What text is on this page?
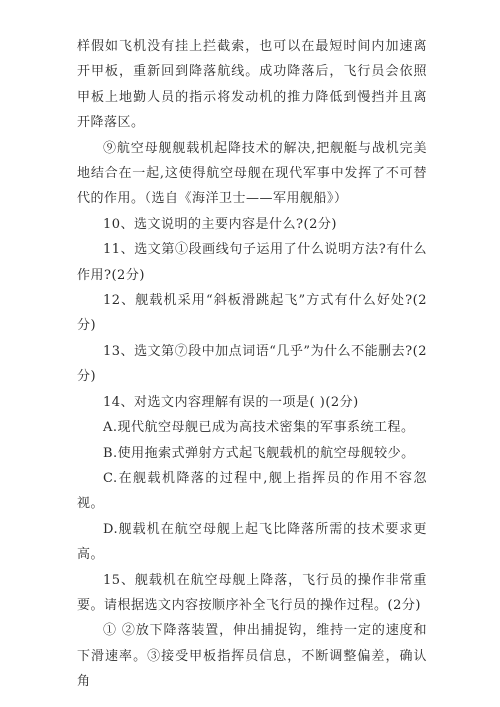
样假如飞机没有挂上拦截索，也可以在最短时间内加速离开甲板，重新回到降落航线。成功降落后，飞行员会依照甲板上地勤人员的指示将发动机的推力降低到慢挡并且离开降落区。

⑨航空母舰舰载机起降技术的解决,把舰艇与战机完美地结合在一起,这使得航空母舰在现代军事中发挥了不可替代的作用。（选自《海洋卫士——军用舰船》）

10、选文说明的主要内容是什么?(2分)

11、选文第①段画线句子运用了什么说明方法?有什么作用?(2分)

12、舰载机采用“斜板滑跳起飞”方式有什么好处?(2分)

13、选文第⑦段中加点词语“几乎”为什么不能删去?(2分)

14、对选文内容理解有误的一项是( )(2分)

A.现代航空母舰已成为高技术密集的军事系统工程。

B.使用拖索式弹射方式起飞舰载机的航空母舰较少。

C.在舰载机降落的过程中,舰上指挥员的作用不容忽视。

D.舰载机在航空母舰上起飞比降落所需的技术要求更高。

15、舰载机在航空母舰上降落，飞行员的操作非常重要。请根据选文内容按顺序补全飞行员的操作过程。(2分)

① ②放下降落装置，伸出捕捉钩，维持一定的速度和下滑速率。③接受甲板指挥员信息，不断调整偏差，确认角
